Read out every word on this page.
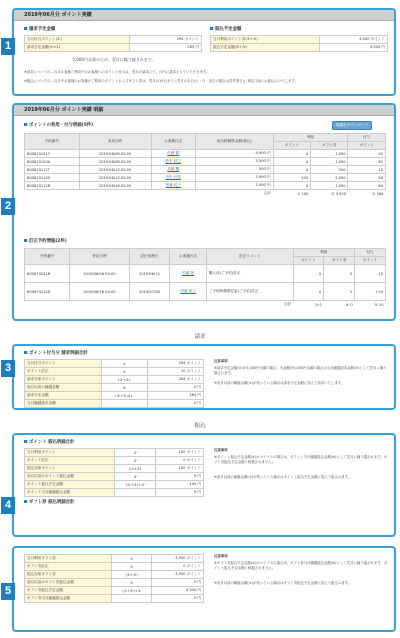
2019年06月分 ポイント実績
請求予定金額	振込予定金額
当月付与ポイント(①)	294 ポイント
請求予定金額(①×1)	265 円
当月利用ポイント計(②+③)	4,500 ポイント
振込予定金額(②+③)	4,500 円
5,000円未満のため、翌月に繰り越されます。
※請求についての…当月お客様ご利用でのお客様へのポイント付与は、翌月の請求にて、月内に請求させていただきます。
※振込についての…当月中お客様のお客様のご利用のポイントおよびギフト券は、翌月の15日までに翌月の末日(土・日・祝日の場合は翌営業日)に指定口座にお振込みいたします。
1
2019年06月分 ポイント実績 明細
ポイントの利用・付与明細(5件)	明細をダウンロード
予約番号	来店日時	お客様氏名	来店時精算金額(税込)	利用		付与
				ポイント	ギフト券	ポイント
B00674151Y	2019/06/06 00:00	佐藤 健	4,900 円	0	1,000	92
B00674150A	2019/06/08 00:00	鈴木 結己	3,500 円	0	1,000	62
B00674112T	2019/06/13 00:00	高橋 楓	500 円	0	500	10
B00674114S	2019/06/13 00:00	田中 壮馬	2,900 円	100	2,000	56
B00674112B	2019/06/16 00:00	伊藤 莉子	3,500 円	0	1,000	64
			合計	① 100	② 3,500	① 284
訂正予約情報(2件)
予約番号	来店日時	訂正処理日	お客様氏名	訂正コメント	利用		付与
					ポイント	ギフト券	ポイント
B00674151B	2019/06/06 00:00	2019/06/12	佐藤 陸	購入前(ご予約)訂正	0	0	-10
B00674112D	2019/06/16 00:00	2019/07/08	伊藤 莉子	ご予約時精算変更(ご予約)訂正	0	0	+20
				合計	③ 0	④ 0	⑤ 10
2
請求
ポイント付与分 請求明細合計
当月付与ポイント	①	294 ポイント
ポイント訂正	②	10 ポイント
請求対象ポイント	(①+②)	284 ポイント
前月以前の繰越金額	③	0 円
請求予定金額	(①+②)×1	284 円
当月繰越請求金額		0 円
注意事項
※請求予定金額(④)が5,000円未満の場合、当金額を5,000円未満の場合は当月繰越請求金額(⑤)として翌月に繰り越されます。
※前月以前の繰越金額(③)が残っている場合は請求予定金額に加えて請求いたします。
3
振込
ポイント 振込明細合計
当月利用ポイント	①	100 ポイント
ポイント訂正	②	0 ポイント
振込対象ポイント	(①+②)	100 ポイント
前月以前のポイント振込金額	③	0 円
ポイント振込予定金額	(①+②)+③	100 円
ポイント当月繰越振込金額		0 円
注意事項
※ポイント振込予定金額(④)がマイナスの場合は、ポイント当月繰越振込金額(⑤)として翌月に繰り越されます。ギフト券振込予定金額と相殺されません。
※前月以前の繰越金額(③)が残っている場合はポイント振込予定金額に加えて振込みます。
ギフト券 振込明細合計
4
当月利用ギフト券	①	4,500 ポイント
ギフト券訂正	②	0 ポイント
振込対象ギフト券	(①+②)	4,500 ポイント
前月以前のギフト券振込金額	③	0 円
ギフト券振込予定金額	(①+②)+③	4,500 円
ギフト券当月繰越振込金額		0 円
注意事項
※ギフト券振込予定金額(④)がマイナスの場合は、ギフト券当月繰越振込金額(⑤)として翌月に繰り越されます。ポイント振込予定金額と相殺されません。
※前月以前の繰越金額(③)が残っている場合はギフト券振込予定金額に加えて振込みます。
5
